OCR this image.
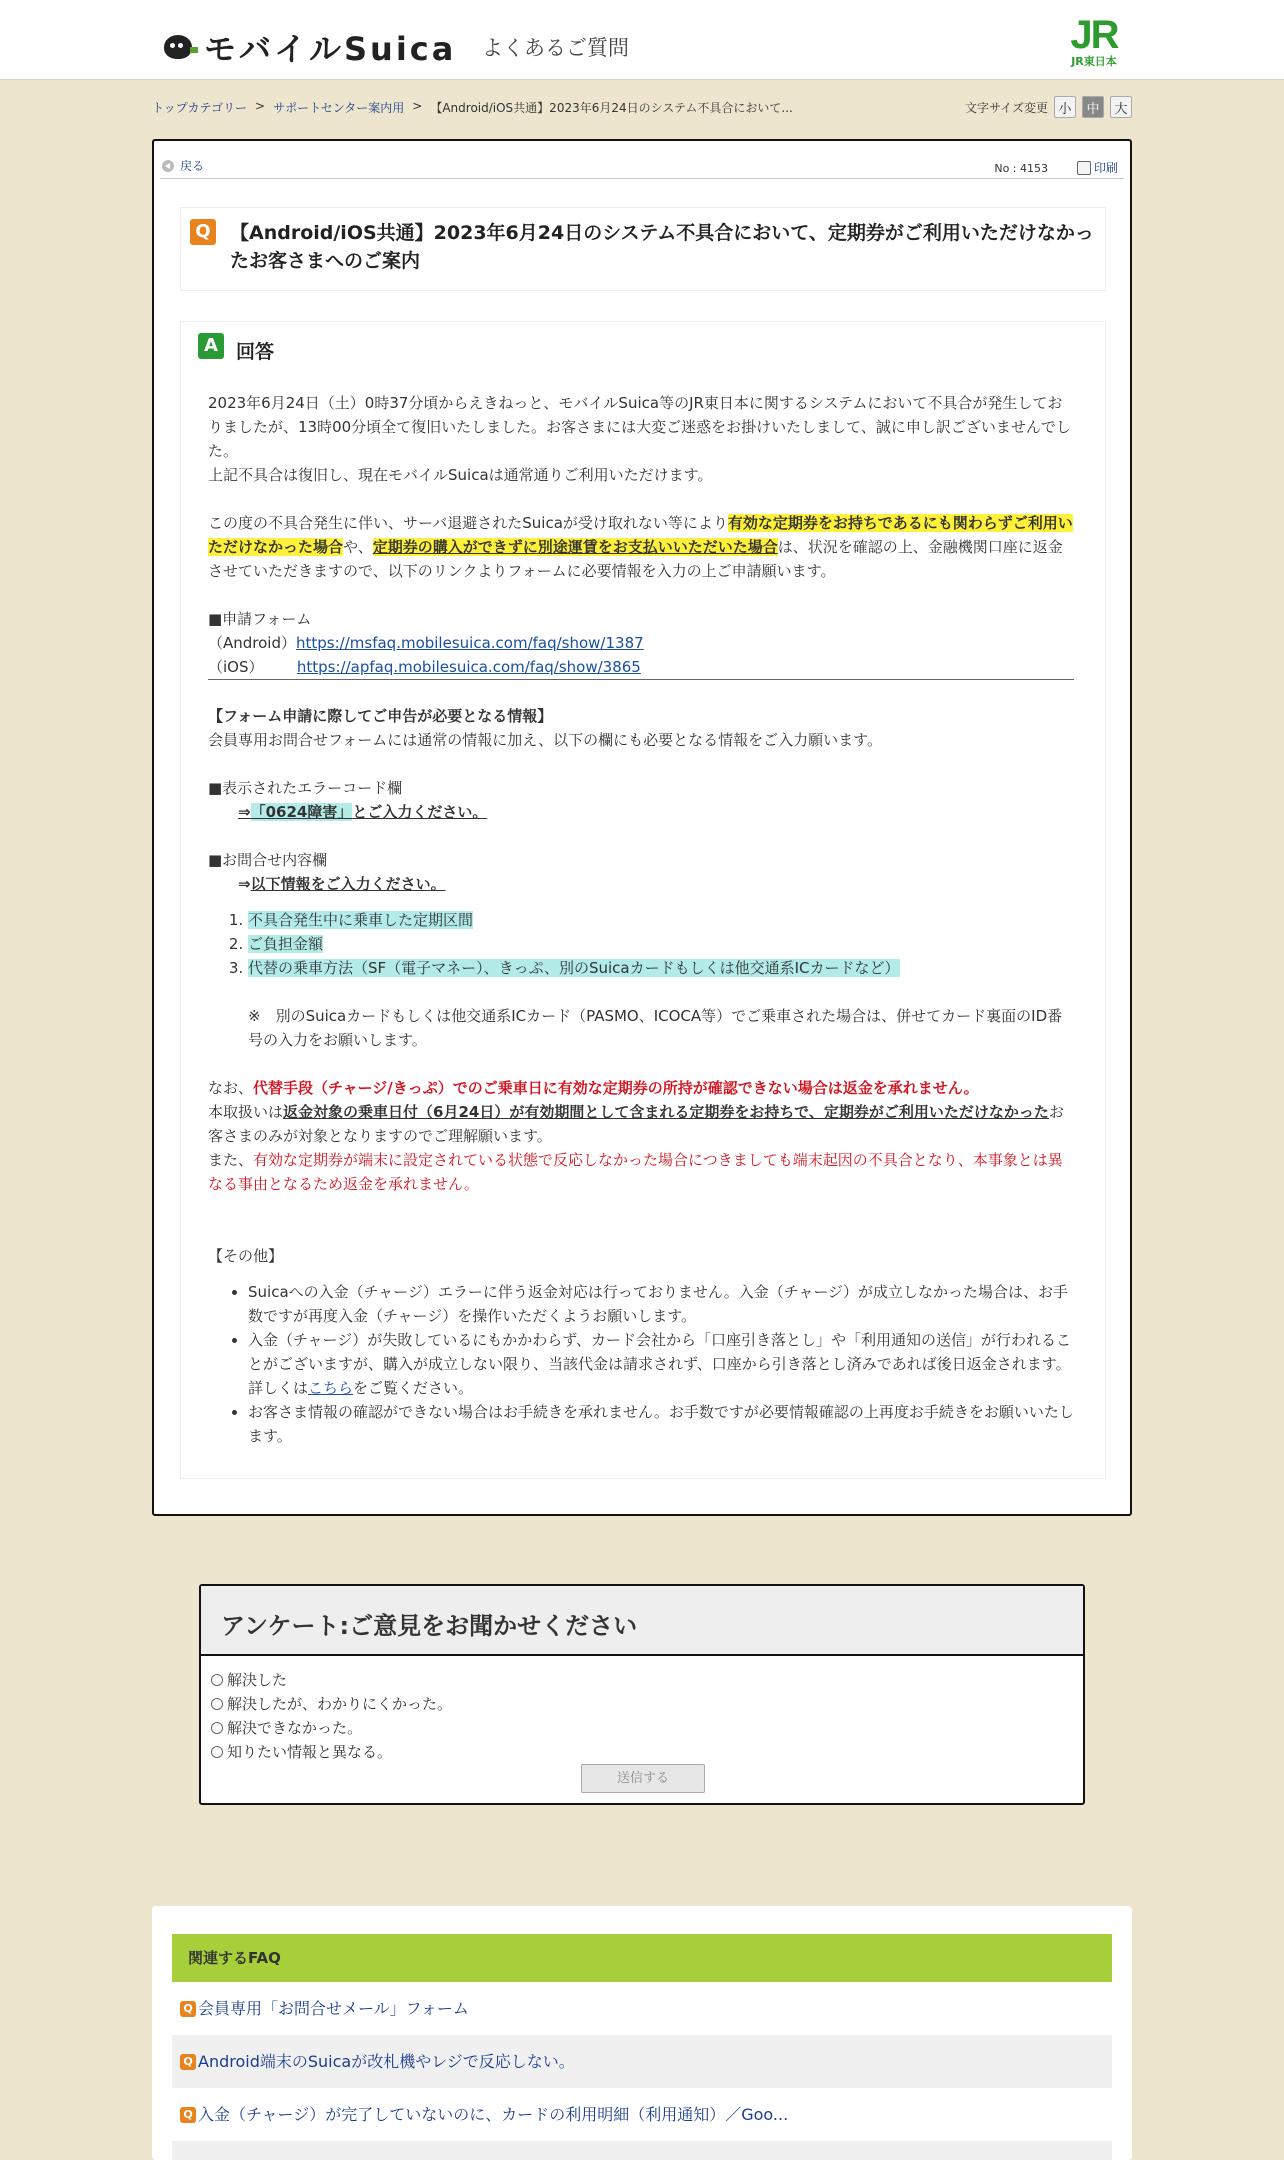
モバイルSuica よくあるご質問	JR
JR東日本
トップカテゴリー > サポートセンター案内用 > 【Android/iOS共通】2023年6月24日のシステム不具合において...	文字サイズ変更 小	中	大
戻る	No : 4153	印刷
Q 【Android/iOS共通】2023年6月24日のシステム不具合において、定期券がご利用いただけなかったお客さまへのご案内
A 回答

2023年6月24日（土）0時37分頃からえきねっと、モバイルSuica等のJR東日本に関するシステムにおいて不具合が発生しておりましたが、13時00分頃全て復旧いたしました。お客さまには大変ご迷惑をお掛けいたしまして、誠に申し訳ございませんでした。

上記不具合は復旧し、現在モバイルSuicaは通常通りご利用いただけます。

この度の不具合発生に伴い、サーバ退避されたSuicaが受け取れない等により有効な定期券をお持ちであるにも関わらずご利用いただけなかった場合や、定期券の購入ができずに別途運賃をお支払いいただいた場合は、状況を確認の上、金融機関口座に返金させていただきますので、以下のリンクよりフォームに必要情報を入力の上ご申請願います。

■申請フォーム

（Android）https://msfaq.mobilesuica.com/faq/show/1387

（iOS） https://apfaq.mobilesuica.com/faq/show/3865

【フォーム申請に際してご申告が必要となる情報】

会員専用お問合せフォームには通常の情報に加え、以下の欄にも必要となる情報をご入力願います。

■表示されたエラーコード欄

⇒「0624障害」とご入力ください。

■お問合せ内容欄

⇒以下情報をご入力ください。

1. 不具合発生中に乗車した定期区間
2. ご負担金額
3. 代替の乗車方法（SF（電子マネー）、きっぷ、別のSuicaカードもしくは他交通系ICカードなど）

※　別のSuicaカードもしくは他交通系ICカード（PASMO、ICOCA等）でご乗車された場合は、併せてカード裏面のID番号の入力をお願いします。

なお、代替手段（チャージ/きっぷ）でのご乗車日に有効な定期券の所持が確認できない場合は返金を承れません。

本取扱いは返金対象の乗車日付（6月24日）が有効期間として含まれる定期券をお持ちで、定期券がご利用いただけなかったお客さまのみが対象となりますのでご理解願います。

また、有効な定期券が端末に設定されている状態で反応しなかった場合につきましても端末起因の不具合となり、本事象とは異なる事由となるため返金を承れません。

【その他】

• Suicaへの入金（チャージ）エラーに伴う返金対応は行っておりません。入金（チャージ）が成立しなかった場合は、お手数ですが再度入金（チャージ）を操作いただくようお願いします。
• 入金（チャージ）が失敗しているにもかかわらず、カード会社から「口座引き落とし」や「利用通知の送信」が行われることがございますが、購入が成立しない限り、当該代金は請求されず、口座から引き落とし済みであれば後日返金されます。詳しくはこちらをご覧ください。
• お客さま情報の確認ができない場合はお手続きを承れません。お手数ですが必要情報確認の上再度お手続きをお願いいたします。
アンケート:ご意見をお聞かせください
解決した
解決したが、わかりにくかった。
解決できなかった。
知りたい情報と異なる。
送信する
関連するFAQ
Q 会員専用「お問合せメール」フォーム
Q Android端末のSuicaが改札機やレジで反応しない。
Q 入金（チャージ）が完了していないのに、カードの利用明細（利用通知）／Goo...
